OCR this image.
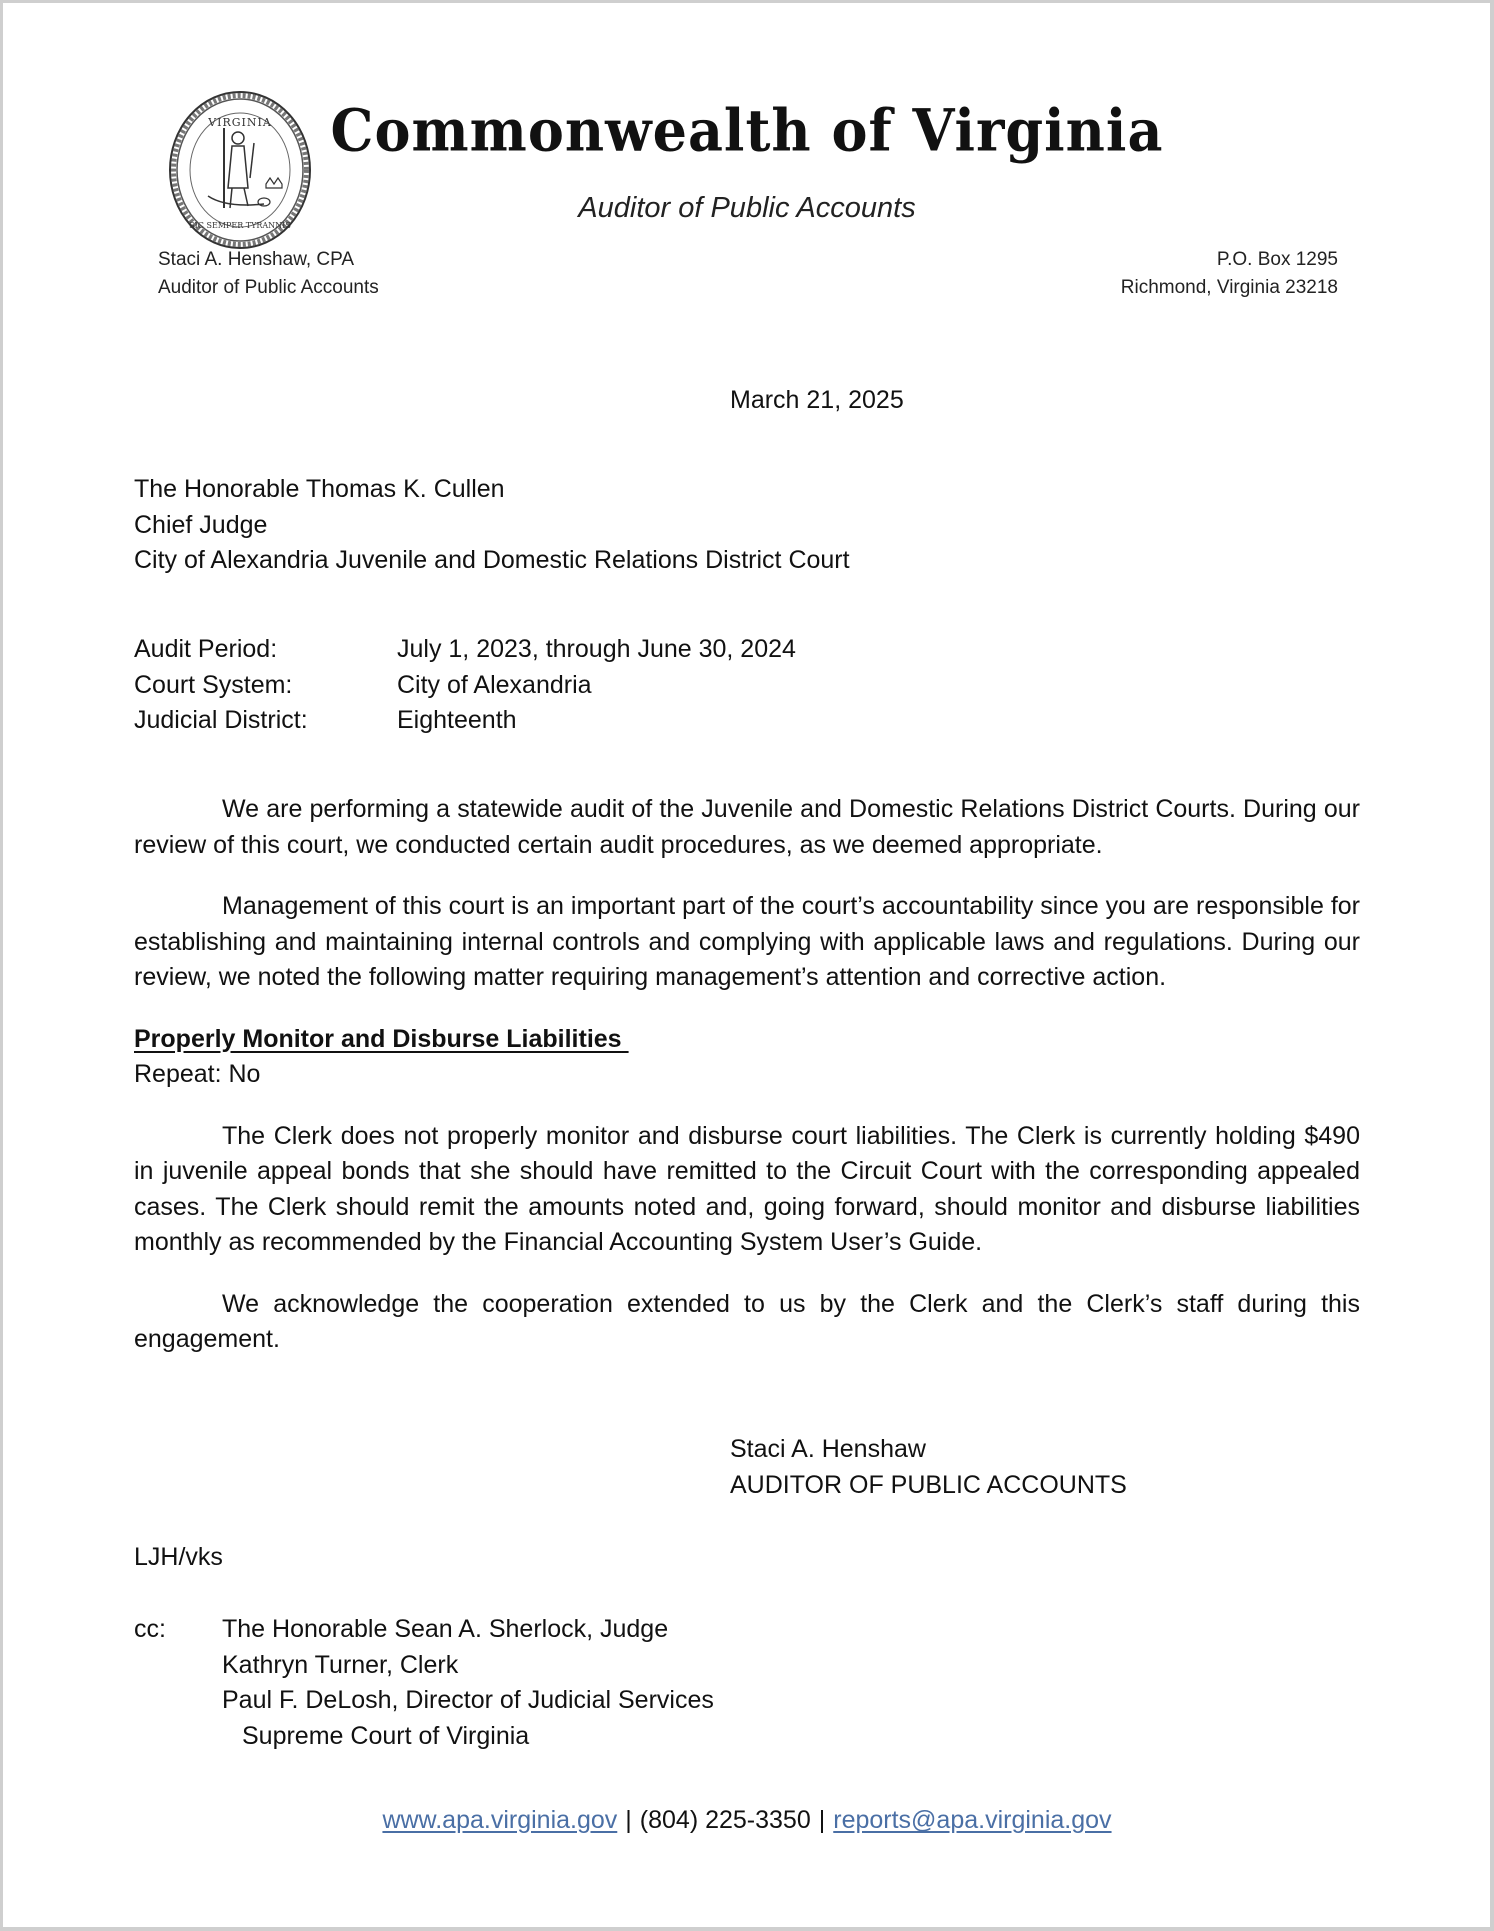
VIRGINIA
SIC SEMPER TYRANNIS
Commonwealth of Virginia
Auditor of Public Accounts
Staci A. Henshaw, CPA
Auditor of Public Accounts
P.O. Box 1295
Richmond, Virginia 23218
March 21, 2025
The Honorable Thomas K. Cullen
Chief Judge
City of Alexandria Juvenile and Domestic Relations District Court
Audit Period:	July 1, 2023, through June 30, 2024
Court System:	City of Alexandria
Judicial District:	Eighteenth

We are performing a statewide audit of the Juvenile and Domestic Relations District Courts. During our review of this court, we conducted certain audit procedures, as we deemed appropriate.

Management of this court is an important part of the court’s accountability since you are responsible for establishing and maintaining internal controls and complying with applicable laws and regulations. During our review, we noted the following matter requiring management’s attention and corrective action.

Properly Monitor and Disburse Liabilities
Repeat: No

The Clerk does not properly monitor and disburse court liabilities. The Clerk is currently holding $490 in juvenile appeal bonds that she should have remitted to the Circuit Court with the corresponding appealed cases. The Clerk should remit the amounts noted and, going forward, should monitor and disburse liabilities monthly as recommended by the Financial Accounting System User’s Guide.

We acknowledge the cooperation extended to us by the Clerk and the Clerk’s staff during this engagement.

Staci A. Henshaw
AUDITOR OF PUBLIC ACCOUNTS
LJH/vks
cc:	The Honorable Sean A. Sherlock, Judge
Kathryn Turner, Clerk
Paul F. DeLosh, Director of Judicial Services
Supreme Court of Virginia
www.apa.virginia.gov | (804) 225-3350 | reports@apa.virginia.gov
